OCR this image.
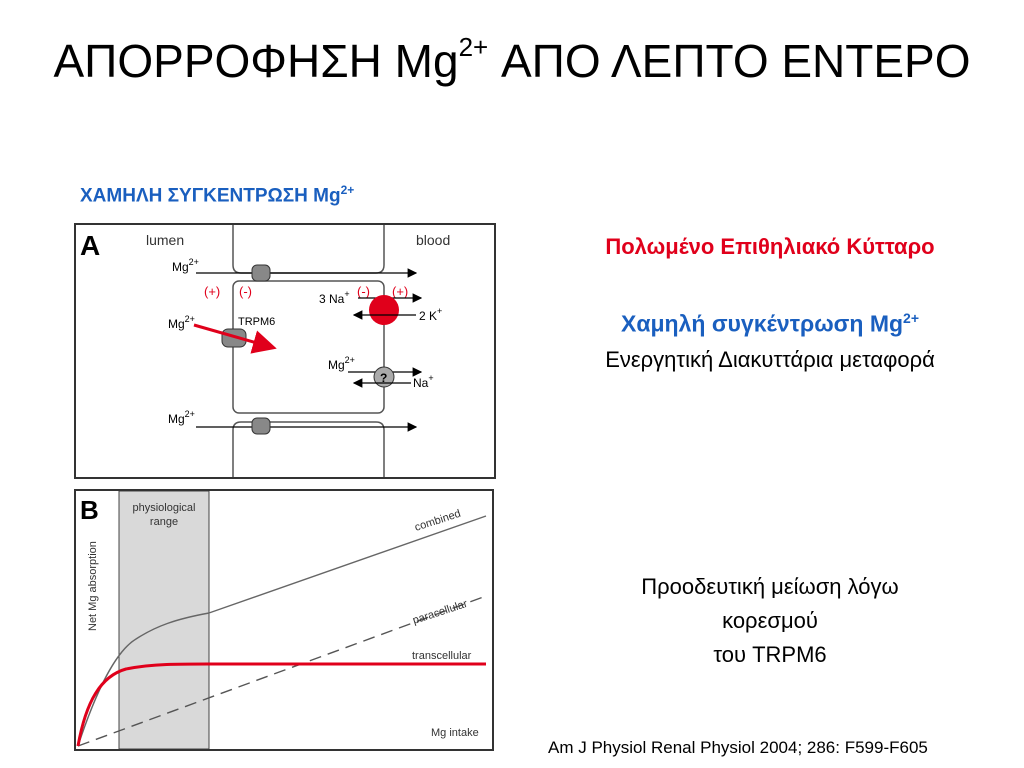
ΑΠΟΡΡΟΦΗΣΗ $Mg^{2+}$ ΑΠΟ ΛΕΠΤΟ ΕΝΤΕΡΟ
ΧΑΜΗΛΗ ΣΥΓΚΕΝΤΡΩΣΗ $Mg^{2+}$
A	lumen	blood
$Mg^{2+}$
(+) (-)	(-) (+)
$Mg^{2+}$	TRPM6
3 Na+
2 K+
$Mg^{2+}$
? Na+
$Mg^{2+}$
B	physiological
range
Net Mg absorption
Mg intake
combined
paracellular
transcellular
Πολωμένο Επιθηλιακό Κύτταρο
Χαμηλή συγκέντρωση $Mg^{2+}$
Ενεργητική Διακυττάρια μεταφορά
Προοδευτική μείωση λόγω
κορεσμού
του TRPM6
Am J Physiol Renal Physiol 2004; 286: F599-F605
